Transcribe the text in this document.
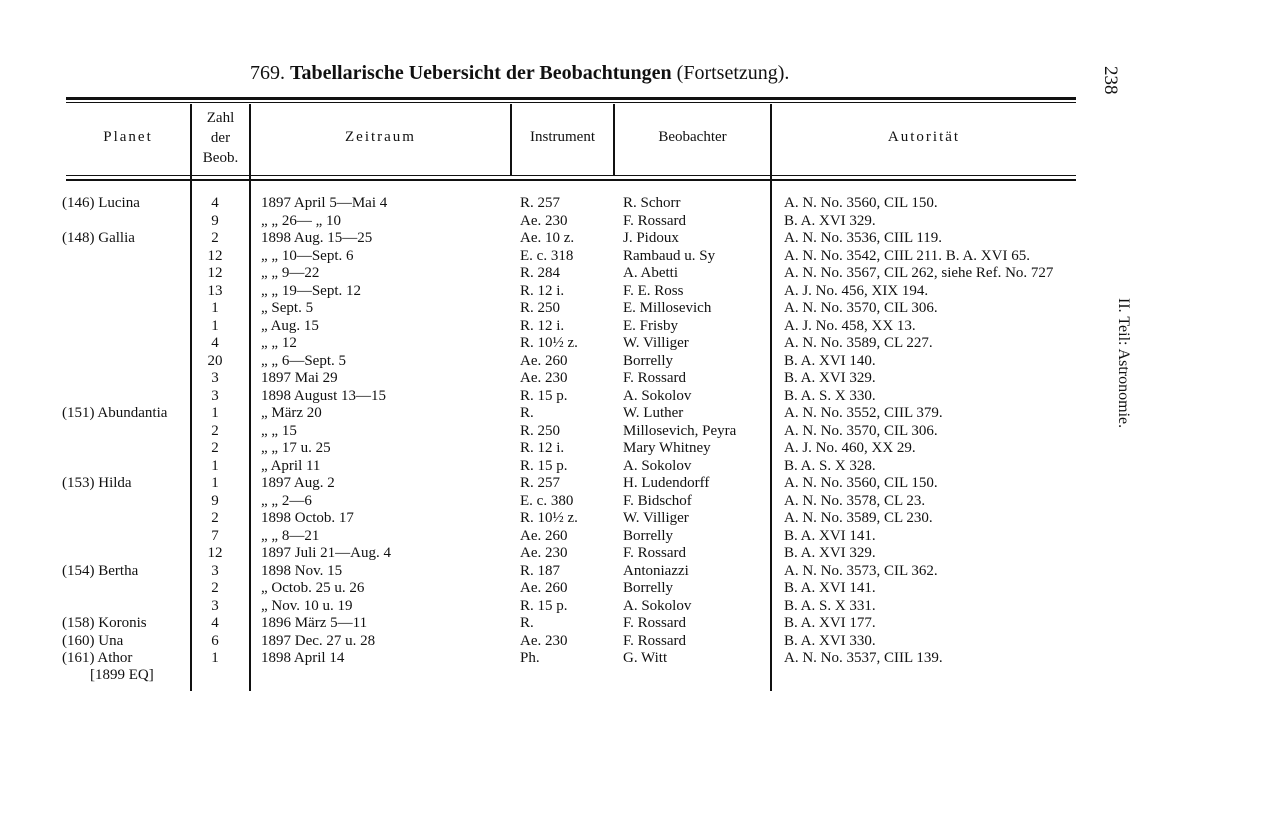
769. Tabellarische Uebersicht der Beobachtungen (Fortsetzung).	238
II. Teil: Astronomie.
Planet
Zahl
der
Beob.
Zeitraum	Instrument	Beobachter	Autorität
(146) Lucina	4	1897 April 5—Mai 4	R. 257	R. Schorr	A. N. No. 3560, CIL 150.
9	„ „ 26— „ 10	Ae. 230	F. Rossard	B. A. XVI 329.
(148) Gallia	2	1898 Aug. 15—25	Ae. 10 z.	J. Pidoux	A. N. No. 3536, CIIL 119.
12	„ „ 10—Sept. 6	E. c. 318	Rambaud u. Sy	A. N. No. 3542, CIIL 211. B. A. XVI 65.
12	„ „ 9—22	R. 284	A. Abetti	A. N. No. 3567, CIL 262, siehe Ref. No. 727
13	„ „ 19—Sept. 12	R. 12 i.	F. E. Ross	A. J. No. 456, XIX 194.
1	„ Sept. 5	R. 250	E. Millosevich	A. N. No. 3570, CIL 306.
1	„ Aug. 15	R. 12 i.	E. Frisby	A. J. No. 458, XX 13.
4	„ „ 12	R. 10½ z.	W. Villiger	A. N. No. 3589, CL 227.
20	„ „ 6—Sept. 5	Ae. 260	Borrelly	B. A. XVI 140.
3	1897 Mai 29	Ae. 230	F. Rossard	B. A. XVI 329.
3	1898 August 13—15	R. 15 p.	A. Sokolov	B. A. S. X 330.
(151) Abundantia	1	„ März 20	R.	W. Luther	A. N. No. 3552, CIIL 379.
2	„ „ 15	R. 250	Millosevich, Peyra	A. N. No. 3570, CIL 306.
2	„ „ 17 u. 25	R. 12 i.	Mary Whitney	A. J. No. 460, XX 29.
1	„ April 11	R. 15 p.	A. Sokolov	B. A. S. X 328.
(153) Hilda	1	1897 Aug. 2	R. 257	H. Ludendorff	A. N. No. 3560, CIL 150.
9	„ „ 2—6	E. c. 380	F. Bidschof	A. N. No. 3578, CL 23.
2	1898 Octob. 17	R. 10½ z.	W. Villiger	A. N. No. 3589, CL 230.
7	„ „ 8—21	Ae. 260	Borrelly	B. A. XVI 141.
12	1897 Juli 21—Aug. 4	Ae. 230	F. Rossard	B. A. XVI 329.
(154) Bertha	3	1898 Nov. 15	R. 187	Antoniazzi	A. N. No. 3573, CIL 362.
2	„ Octob. 25 u. 26	Ae. 260	Borrelly	B. A. XVI 141.
3	„ Nov. 10 u. 19	R. 15 p.	A. Sokolov	B. A. S. X 331.
(158) Koronis	4	1896 März 5—11	R.	F. Rossard	B. A. XVI 177.
(160) Una	6	1897 Dec. 27 u. 28	Ae. 230	F. Rossard	B. A. XVI 330.
(161) Athor	1	1898 April 14	Ph.	G. Witt	A. N. No. 3537, CIIL 139.
[1899 EQ]
